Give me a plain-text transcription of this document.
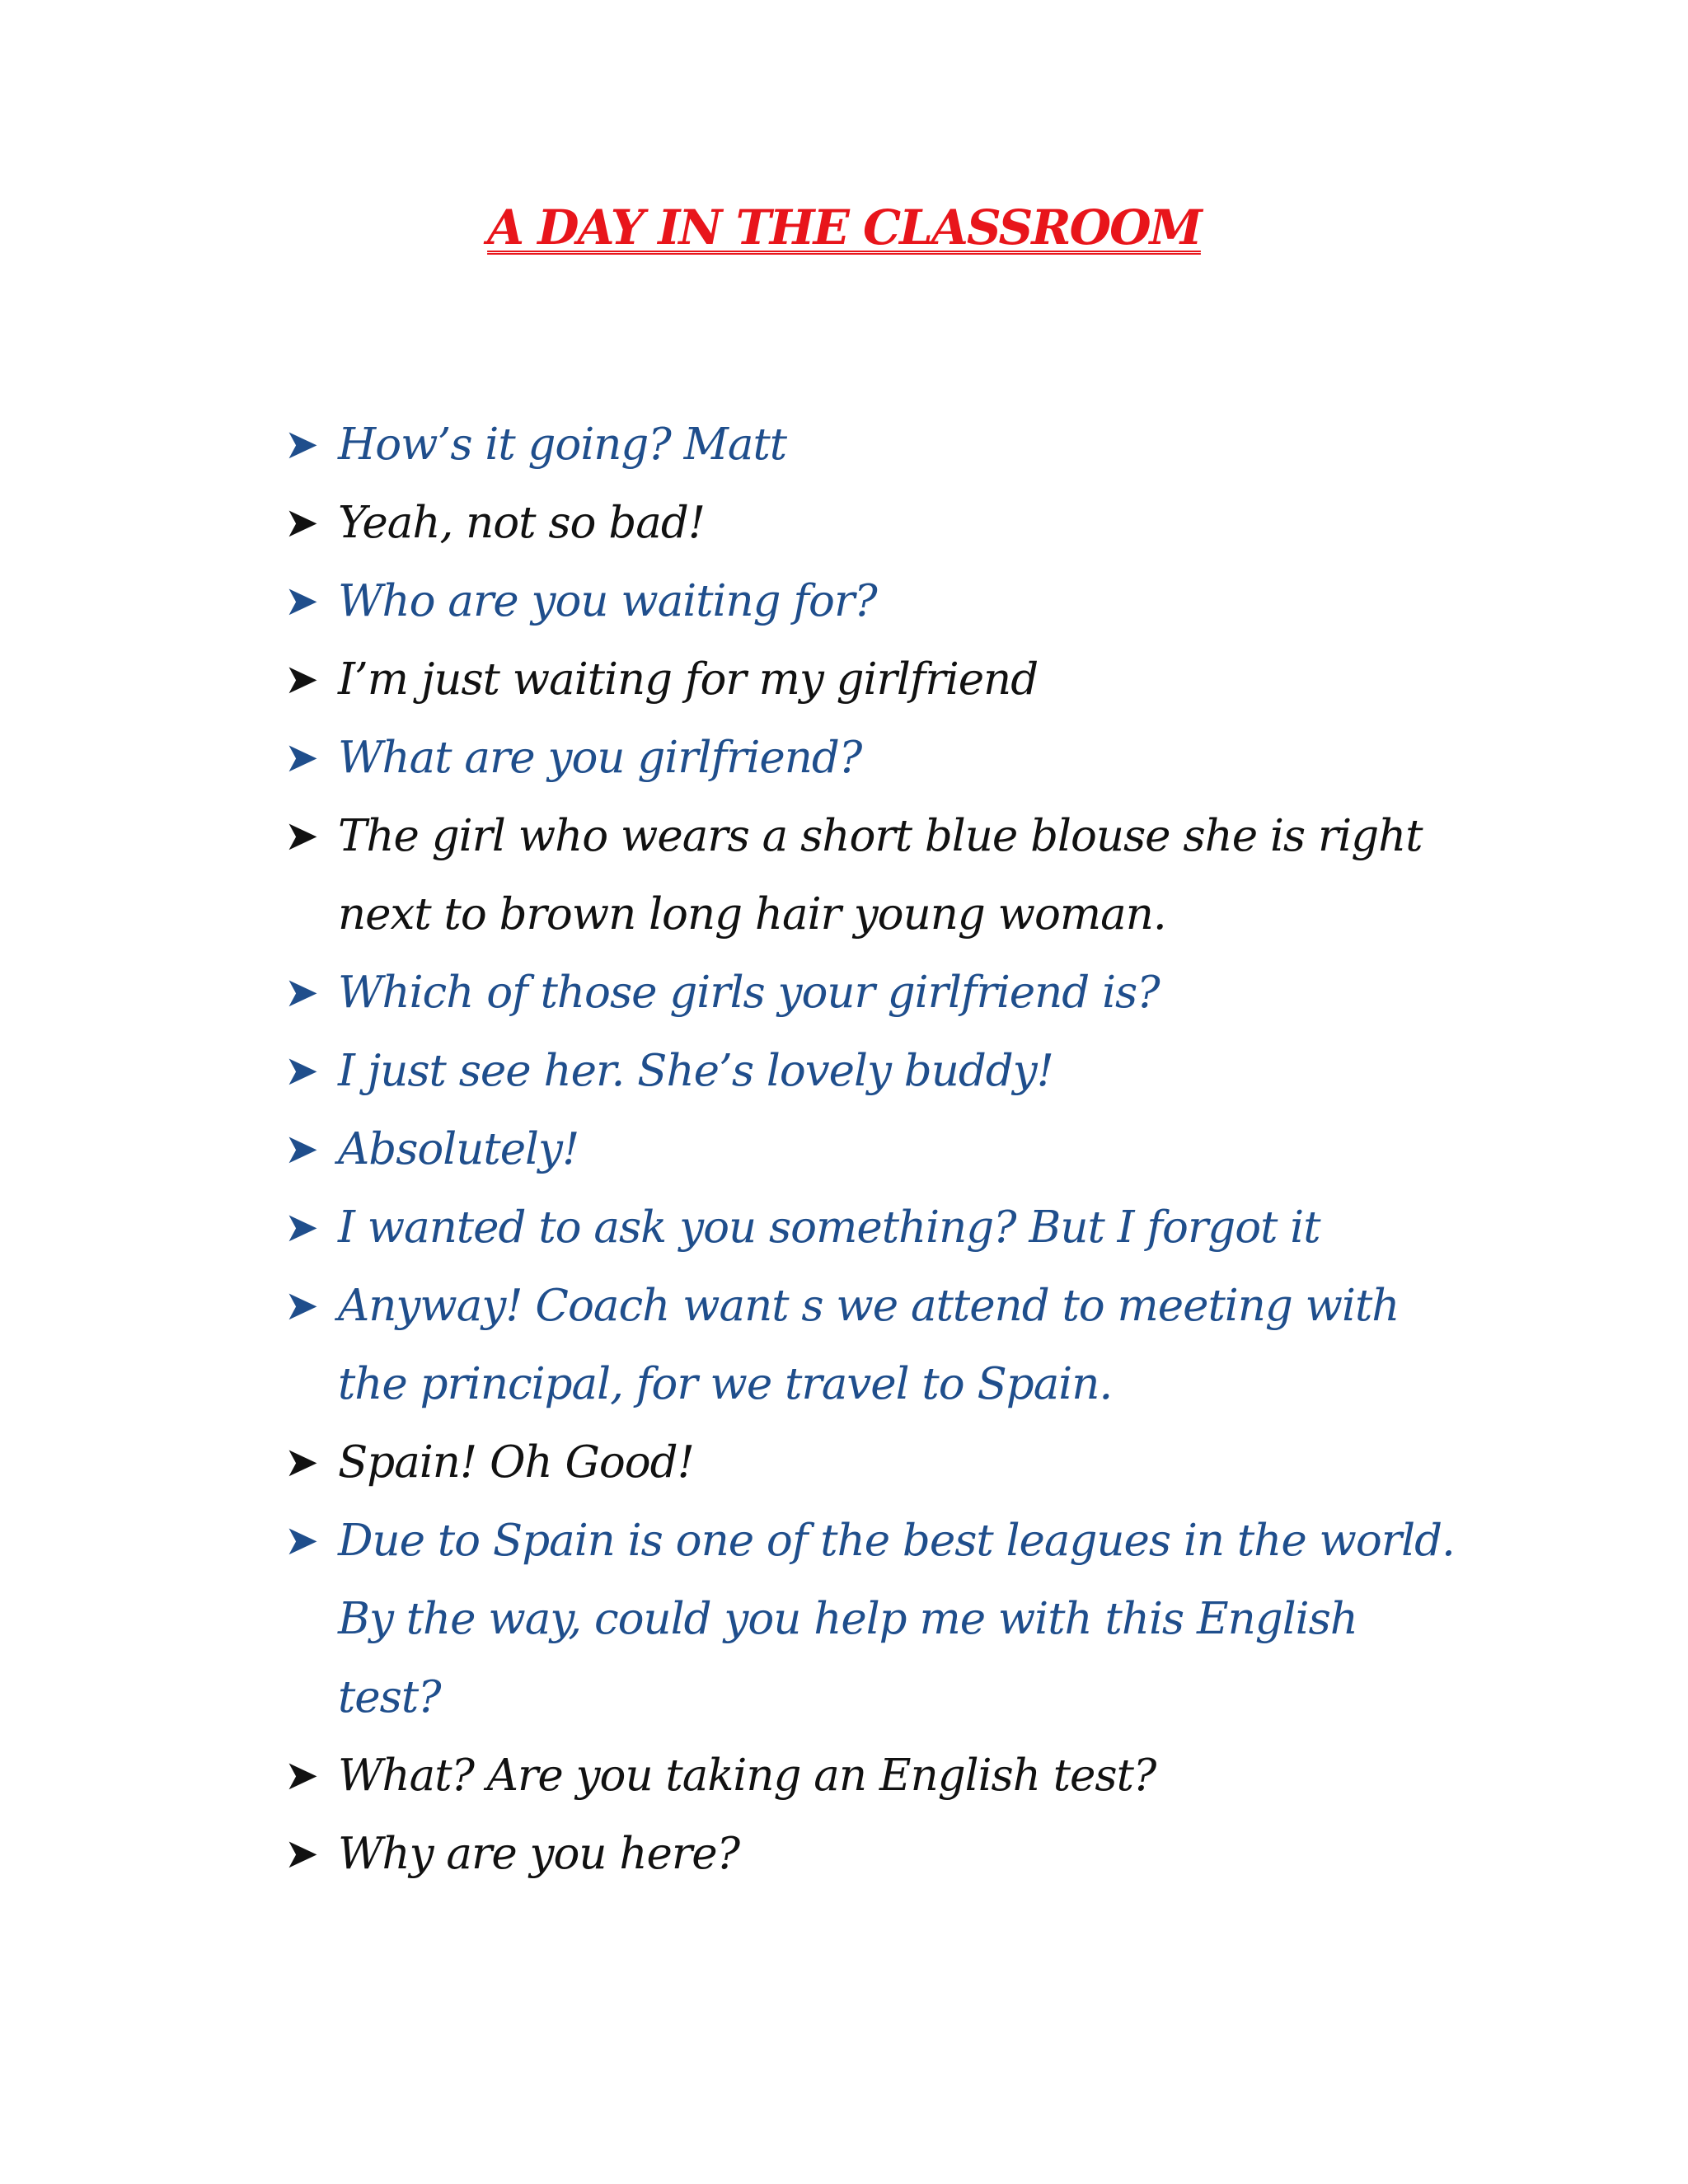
A DAY IN THE CLASSROOM
➤ How’s it going? Matt
➤ Yeah, not so bad!
➤ Who are you waiting for?
➤ I’m just waiting for my girlfriend
➤ What are you girlfriend?
➤ The girl who wears a short blue blouse she is right next to brown long hair young woman.
➤ Which of those girls your girlfriend is?
➤ I just see her. She’s lovely buddy!
➤ Absolutely!
➤ I wanted to ask you something? But I forgot it
➤ Anyway! Coach want s we attend to meeting with the principal, for we travel to Spain.
➤ Spain! Oh Good!
➤ Due to Spain is one of the best leagues in the world. By the way, could you help me with this English test?
➤ What? Are you taking an English test?
➤ Why are you here?
